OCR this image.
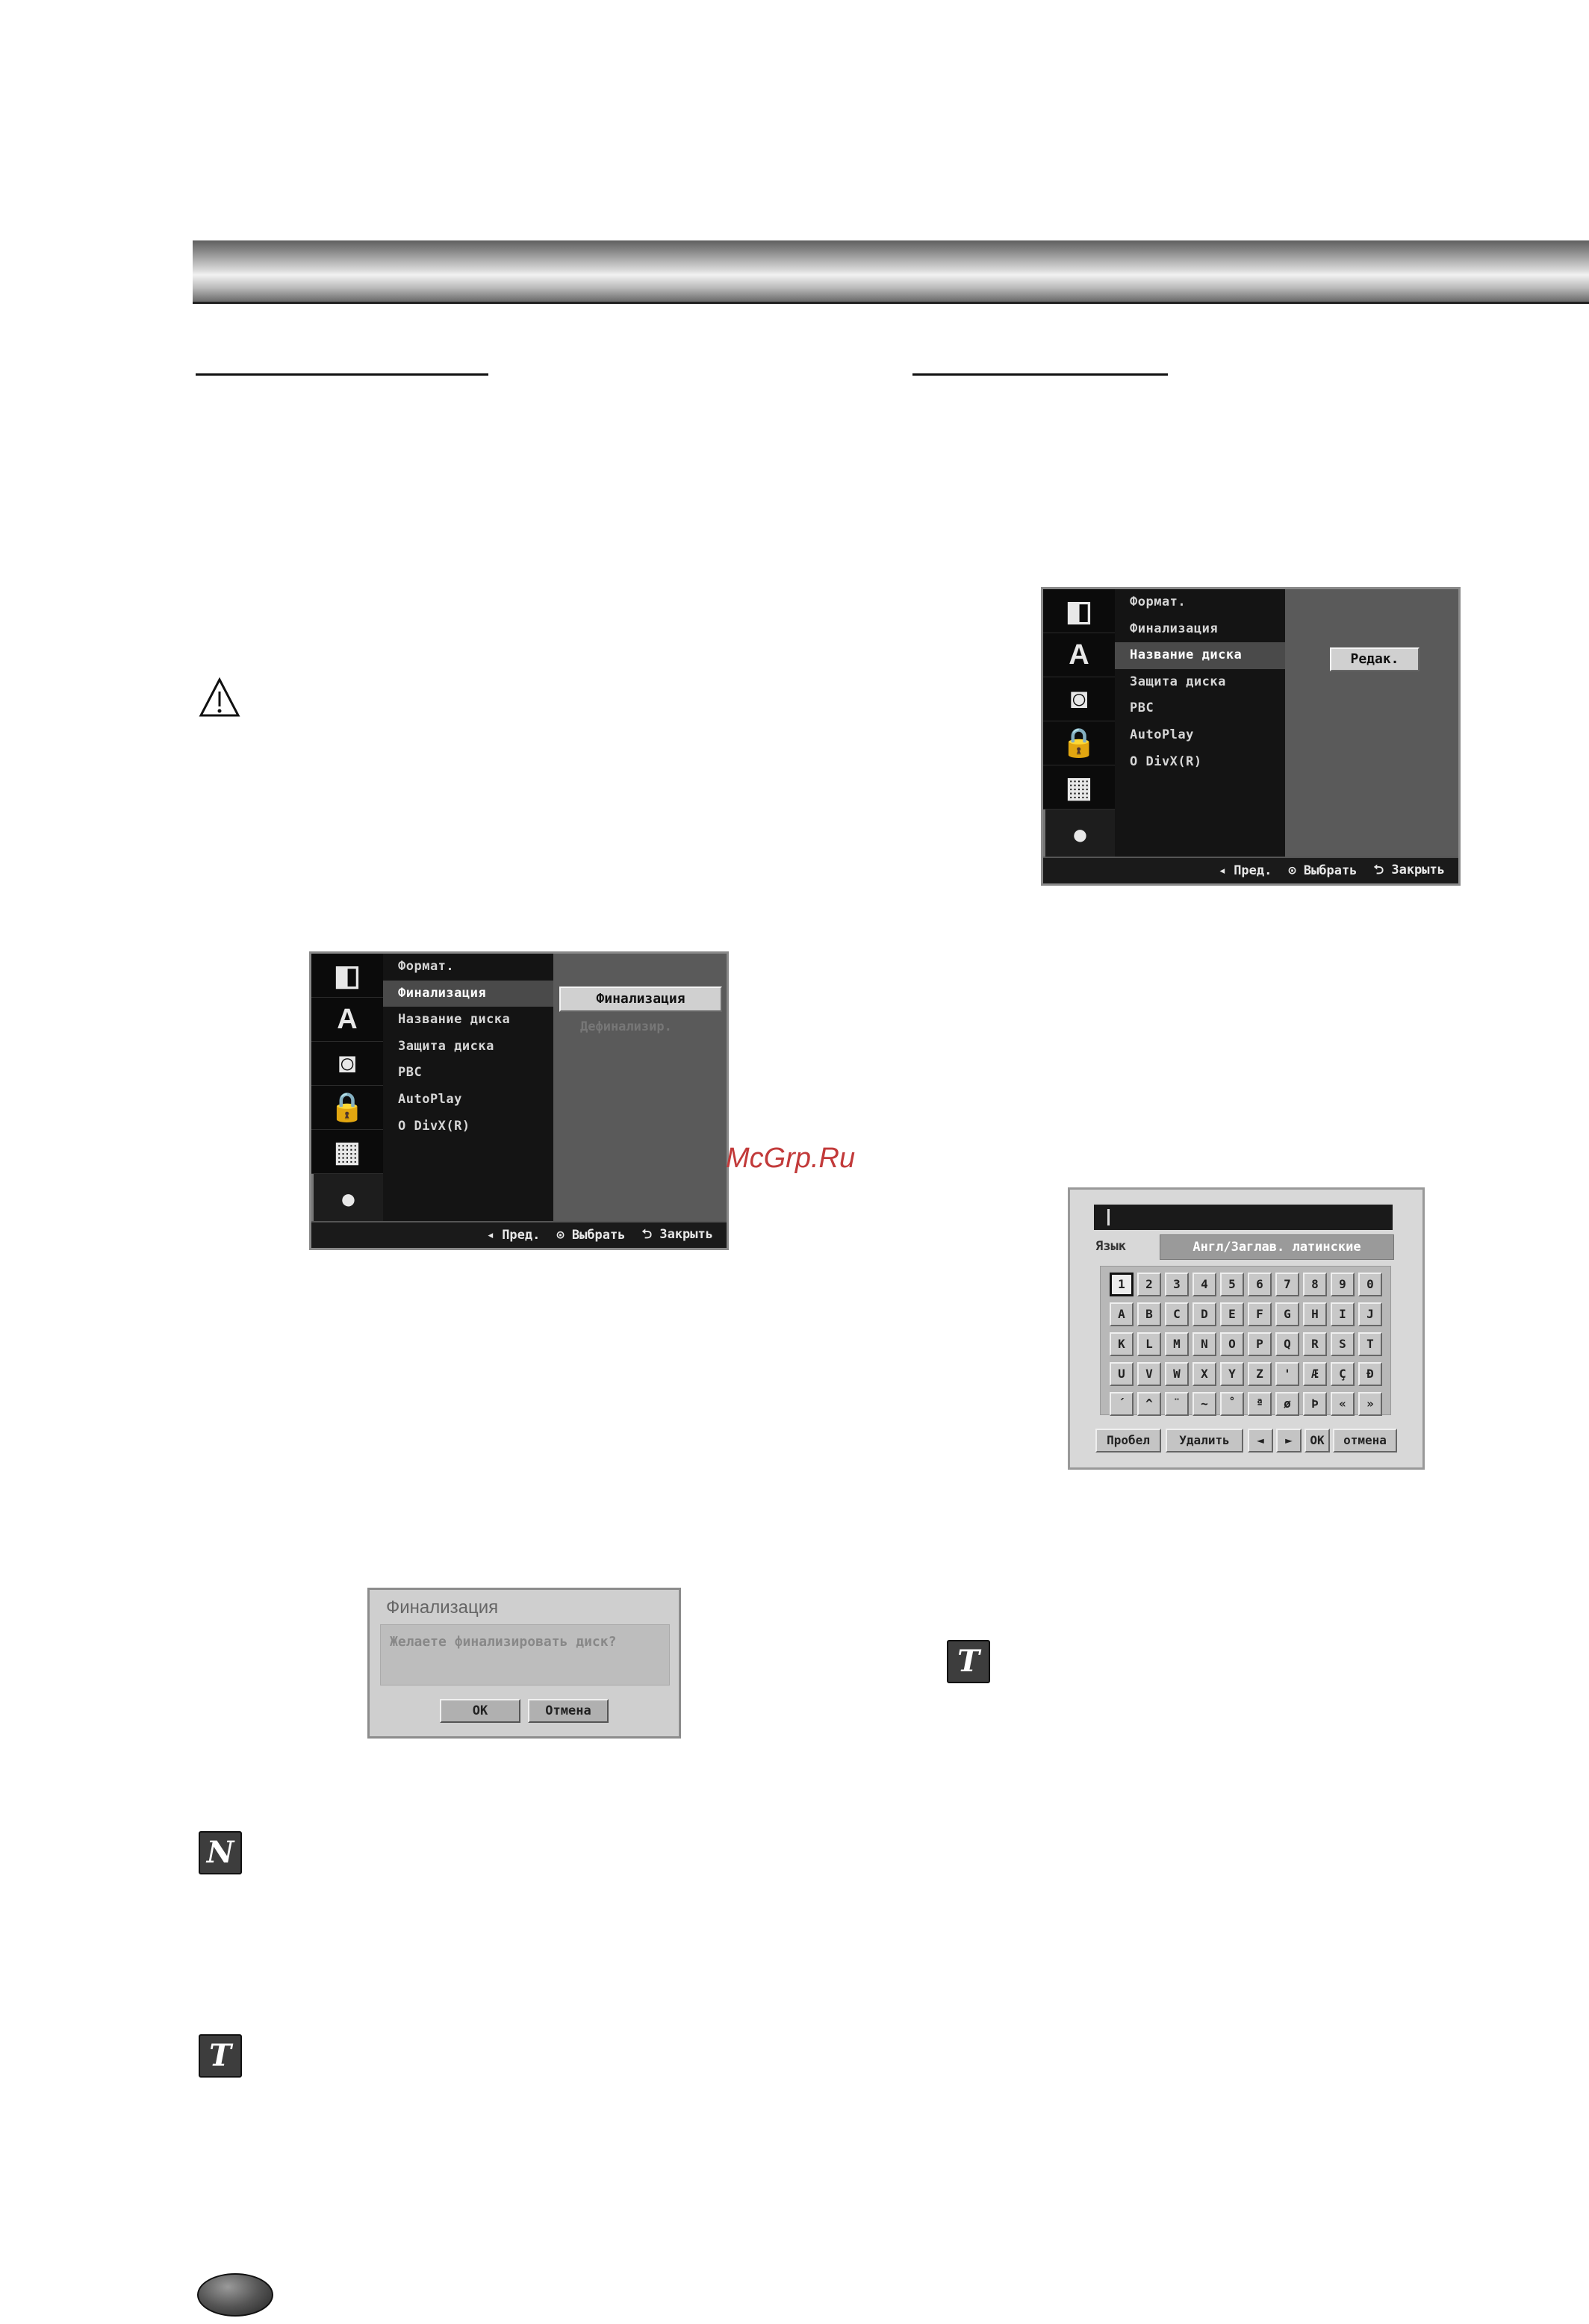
◧
A
◙
🔒
▦
●
Формат.
Финализация
Название диска
Защита диска
PBC
AutoPlay
О DivX(R)
Финализация
Дефинализир.
◂ Пред. ⊙ Выбрать ⮌ Закрыть
◧
A
◙
🔒
▦
●
Формат.
Финализация
Название диска
Защита диска
PBC
AutoPlay
О DivX(R)
Редак.
◂ Пред. ⊙ Выбрать ⮌ Закрыть
McGrp.Ru
Язык	Англ/Заглав. латинские
1	2	3	4	5	6	7	8	9	0
A	B	C	D	E	F	G	H	I	J
K	L	M	N	O	P	Q	R	S	T
U	V	W	X	Y	Z	'	Æ	Ç	Ð
´	^	¨	~	˚	ª	ø	Þ	«	»
Пробел	Удалить	◄	►	OK	отмена
Финализация
Желаете финализировать диск?
OK	Отмена
N
T
T
